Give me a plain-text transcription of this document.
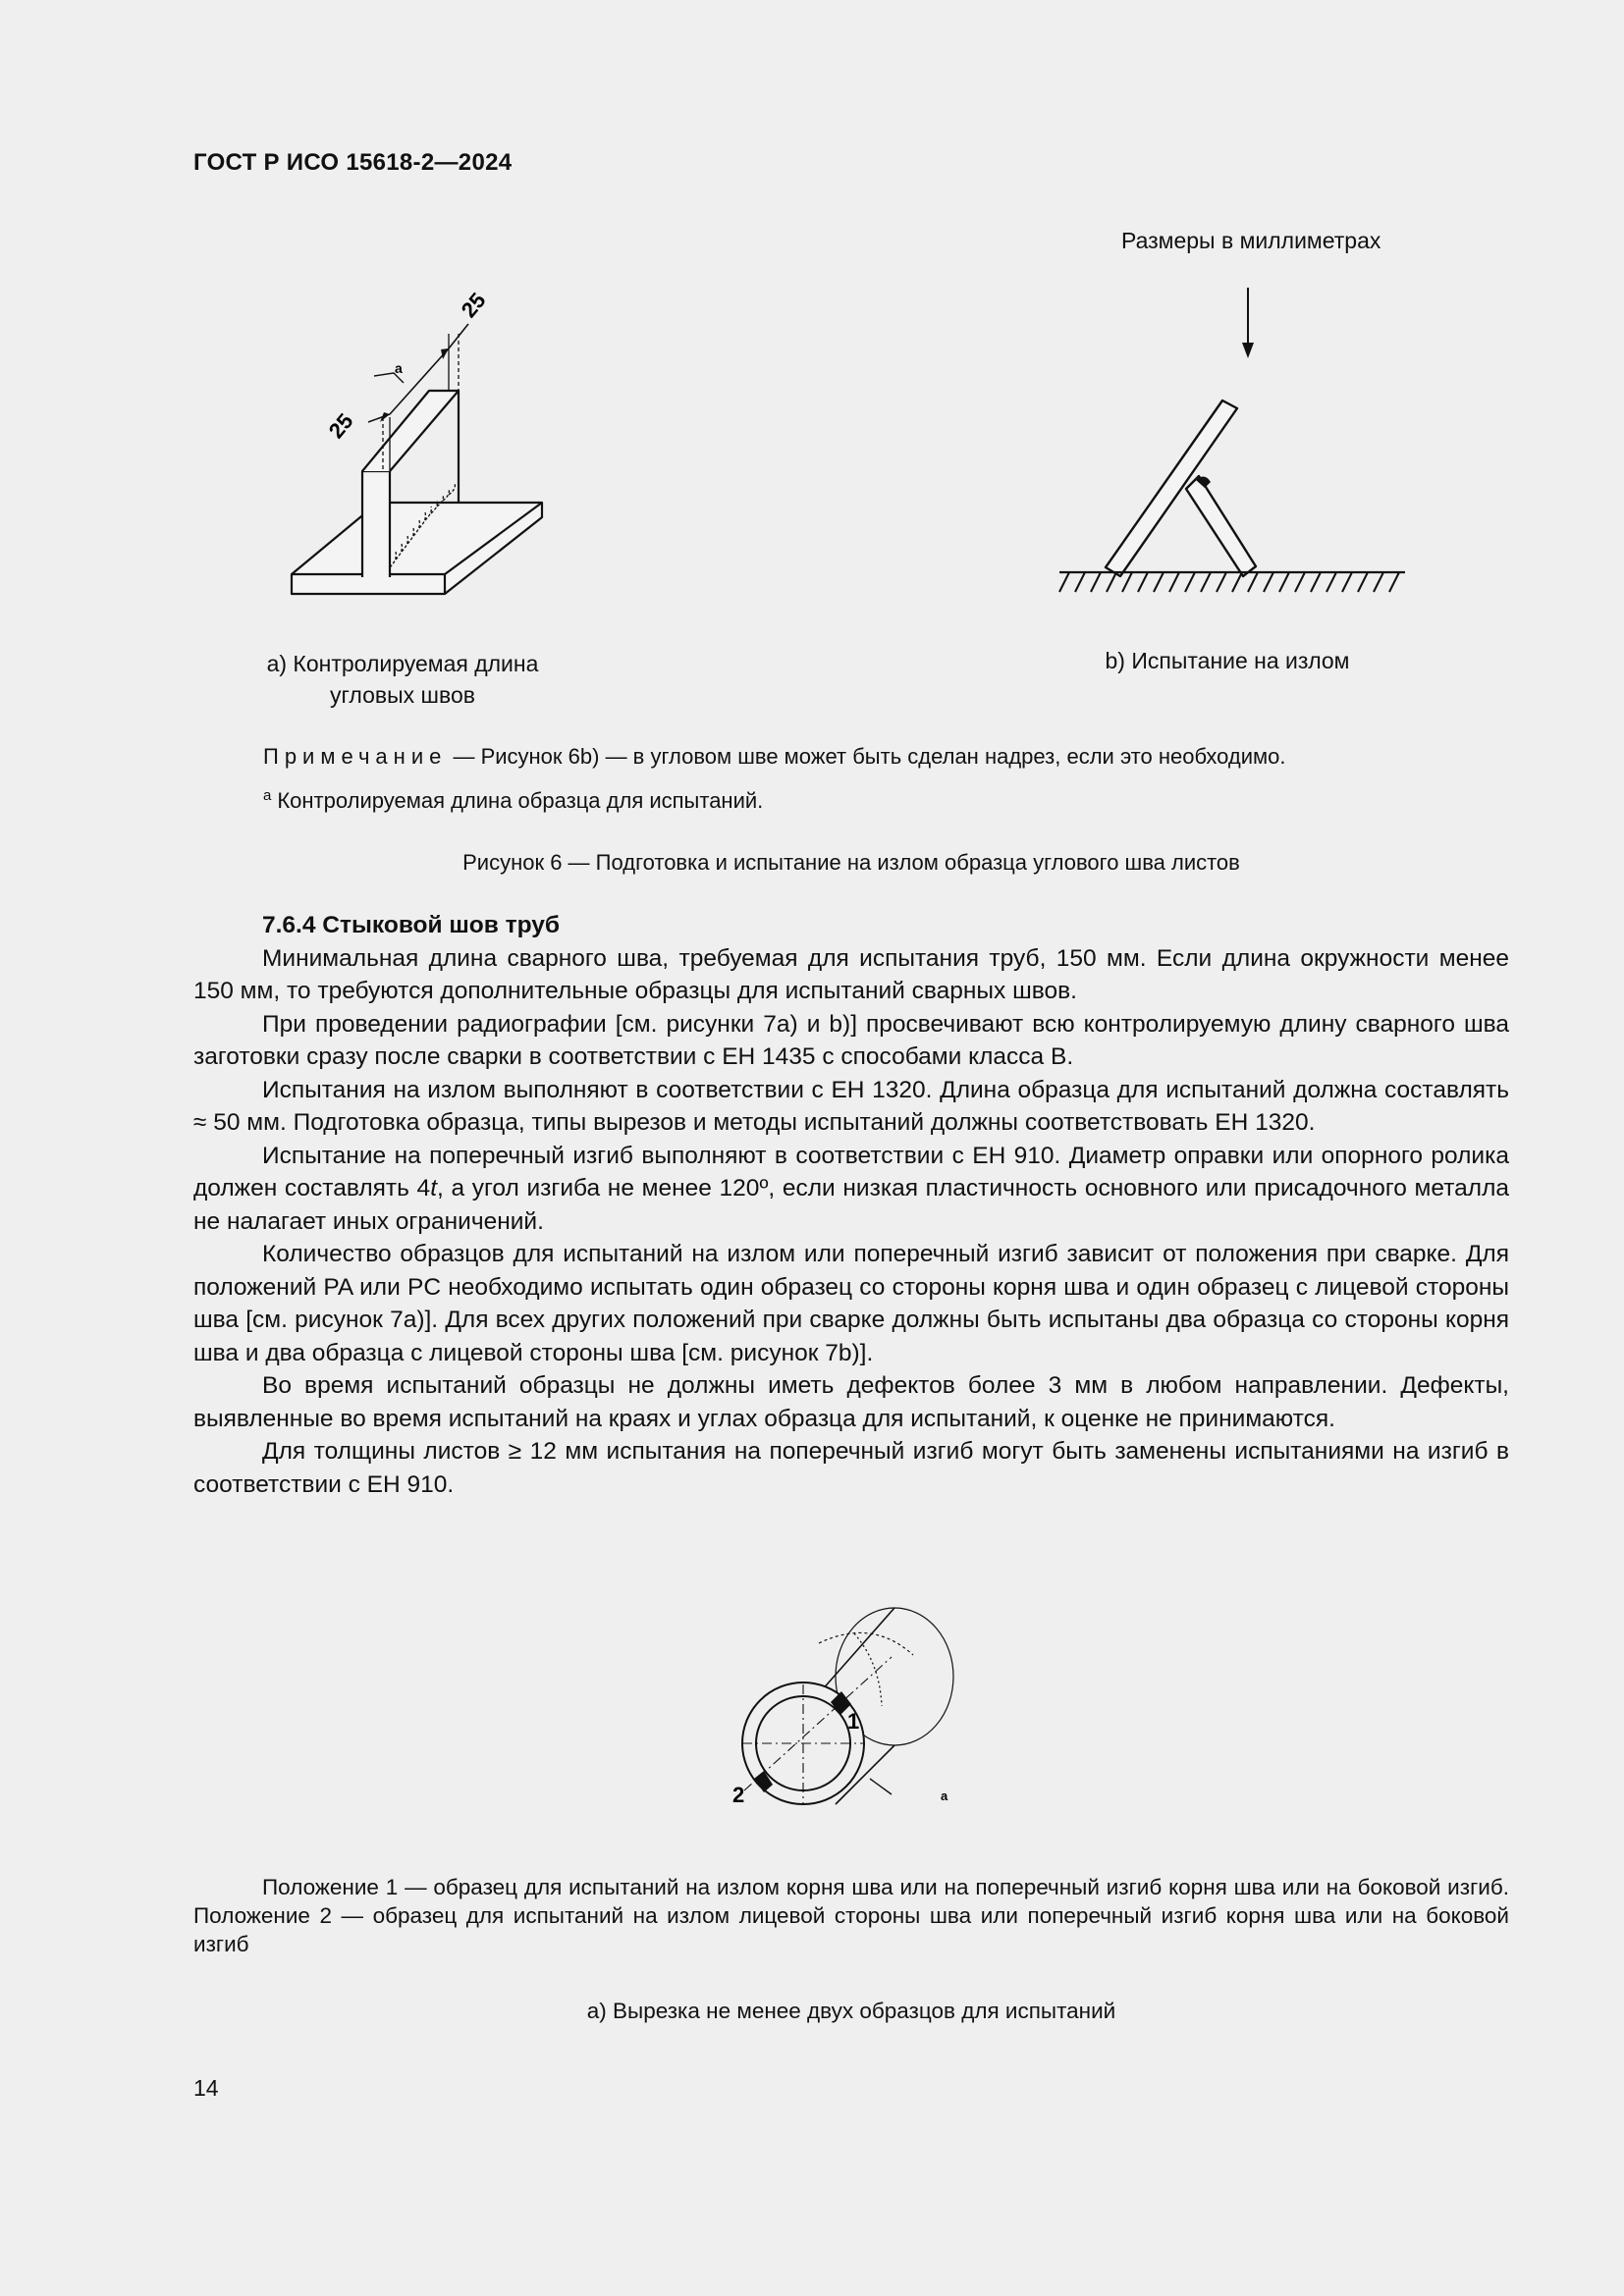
ГОСТ Р ИСО 15618-2—2024
25
25
a
Размеры в миллиметрах
a) Контролируемая длина
угловых швов
b) Испытание на излом
Примечание — Рисунок 6b) — в угловом шве может быть сделан надрез, если это необходимо.
$^a$ Контролируемая длина образца для испытаний.
Рисунок 6 — Подготовка и испытание на излом образца углового шва листов
7.6.4 Стыковой шов труб

Минимальная длина сварного шва, требуемая для испытания труб, 150 мм. Если длина окружности менее 150 мм, то требуются дополнительные образцы для испытаний сварных швов.

При проведении радиографии [см. рисунки 7a) и b)] просвечивают всю контролируемую длину сварного шва заготовки сразу после сварки в соответствии с ЕН 1435 с способами класса B.

Испытания на излом выполняют в соответствии с ЕН 1320. Длина образца для испытаний должна составлять ≈ 50 мм. Подготовка образца, типы вырезов и методы испытаний должны соответствовать ЕН 1320.

Испытание на поперечный изгиб выполняют в соответствии с ЕН 910. Диаметр оправки или опорного ролика должен составлять 4t, а угол изгиба не менее 120º, если низкая пластичность основного или присадочного металла не налагает иных ограничений.

Количество образцов для испытаний на излом или поперечный изгиб зависит от положения при сварке. Для положений PA или PC необходимо испытать один образец со стороны корня шва и один образец с лицевой стороны шва [см. рисунок 7a)]. Для всех других положений при сварке должны быть испытаны два образца со стороны корня шва и два образца с лицевой стороны шва [см. рисунок 7b)].

Во время испытаний образцы не должны иметь дефектов более 3 мм в любом направлении. Дефекты, выявленные во время испытаний на краях и углах образца для испытаний, к оценке не принимаются.

Для толщины листов ≥ 12 мм испытания на поперечный изгиб могут быть заменены испытаниями на изгиб в соответствии с ЕН 910.

1
2	a
Положение 1 — образец для испытаний на излом корня шва или на поперечный изгиб корня шва или на боковой изгиб. Положение 2 — образец для испытаний на излом лицевой стороны шва или поперечный изгиб корня шва или на боковой изгиб
a) Вырезка не менее двух образцов для испытаний
14
